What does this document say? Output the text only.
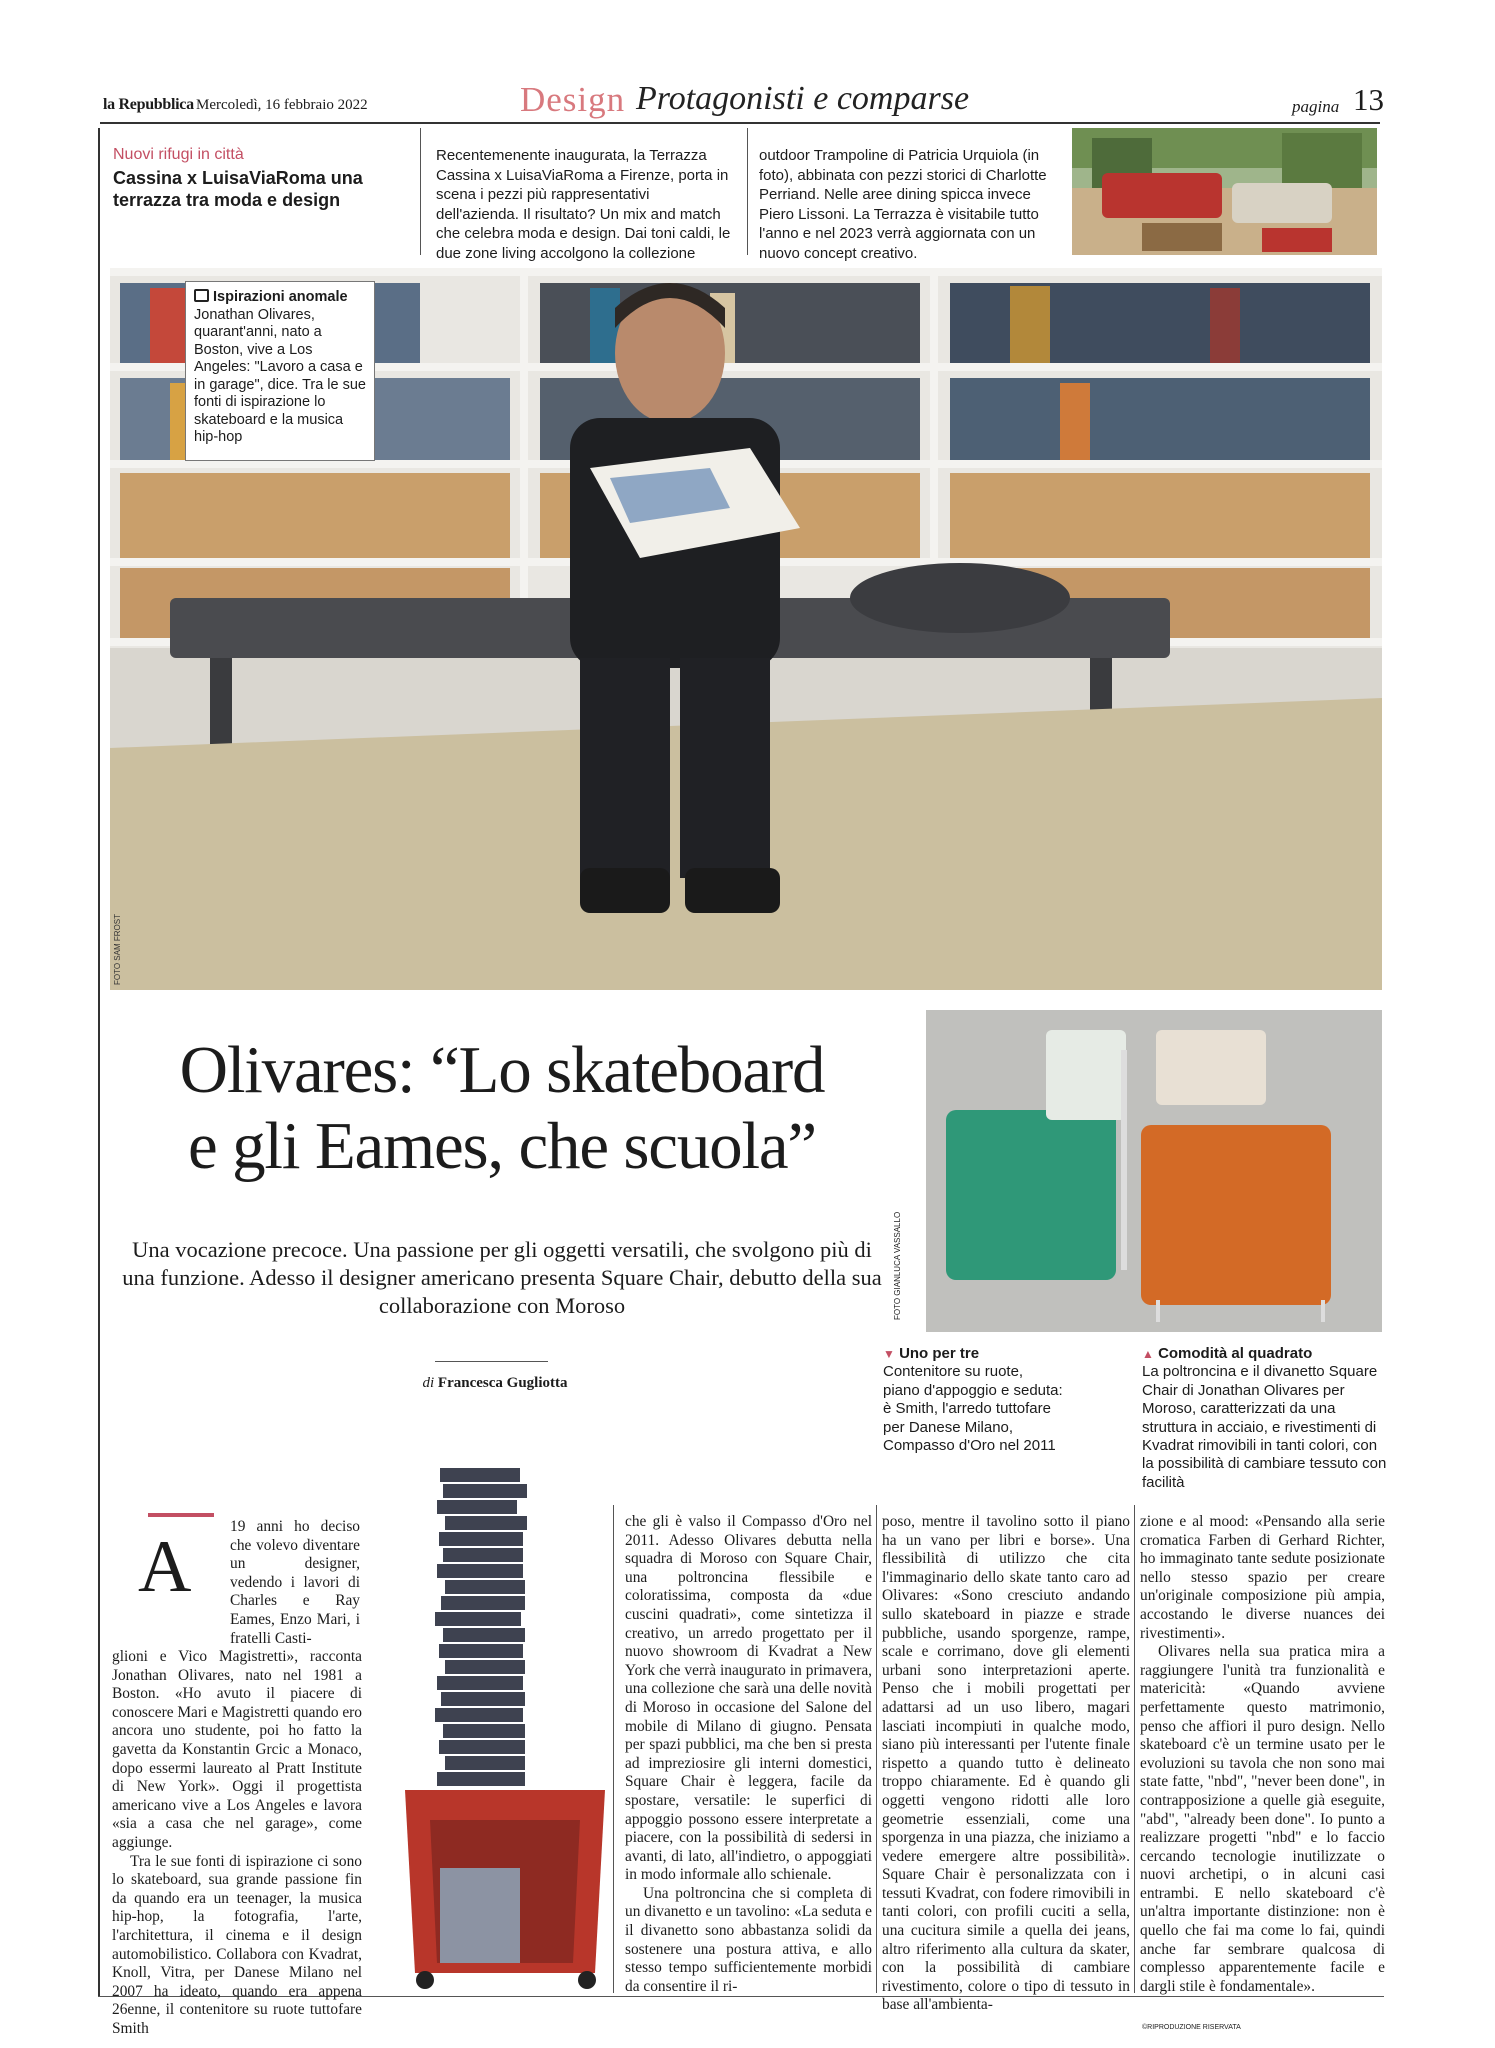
la Repubblica Mercoledì, 16 febbraio 2022	Design Protagonisti e comparse	pagina 13
Nuovi rifugi in città
Cassina x LuisaViaRoma una terrazza tra moda e design
Recentemenente inaugurata, la Terrazza Cassina x LuisaViaRoma a Firenze, porta in scena i pezzi più rappresentativi dell'azienda. Il risultato? Un mix and match che celebra moda e design. Dai toni caldi, le due zone living accolgono la collezione
outdoor Trampoline di Patricia Urquiola (in foto), abbinata con pezzi storici di Charlotte Perriand. Nelle aree dining spicca invece Piero Lissoni. La Terrazza è visitabile tutto l'anno e nel 2023 verrà aggiornata con un nuovo concept creativo.
Ispirazioni anomale
Jonathan Olivares, quarant'anni, nato a Boston, vive a Los Angeles: "Lavoro a casa e in garage", dice. Tra le sue fonti di ispirazione lo skateboard e la musica hip-hop
FOTO SAM FROST
Olivares: “Lo skateboard
e gli Eames, che scuola”
Una vocazione precoce. Una passione per gli oggetti versatili, che svolgono più di una funzione. Adesso il designer americano presenta Square Chair, debutto della sua collaborazione con Moroso
di Francesca Gugliotta
FOTO GIANLUCA VASSALLO
▼ Uno per tre
Contenitore su ruote, piano d'appoggio e seduta: è Smith, l'arredo tuttofare per Danese Milano, Compasso d'Oro nel 2011
▲ Comodità al quadrato
La poltroncina e il divanetto Square Chair di Jonathan Olivares per Moroso, caratterizzati da una struttura in acciaio, e rivestimenti di Kvadrat rimovibili in tanti colori, con la possibilità di cambiare tessuto con facilità
A	19 anni ho deciso che volevo diventare un designer, vedendo i lavori di Charles e Ray Eames, Enzo Mari, i fratelli Casti-
glioni e Vico Magistretti», racconta Jonathan Olivares, nato nel 1981 a Boston. «Ho avuto il piacere di conoscere Mari e Magistretti quando ero ancora uno studente, poi ho fatto la gavetta da Konstantin Grcic a Monaco, dopo essermi laureato al Pratt Institute di New York». Oggi il progettista americano vive a Los Angeles e lavora «sia a casa che nel garage», come aggiunge.
Tra le sue fonti di ispirazione ci sono lo skateboard, sua grande passione fin da quando era un teenager, la musica hip-hop, la fotografia, l'arte, l'architettura, il cinema e il design automobilistico. Collabora con Kvadrat, Knoll, Vitra, per Danese Milano nel 2007 ha ideato, quando era appena 26enne, il contenitore su ruote tuttofare Smith
che gli è valso il Compasso d'Oro nel 2011. Adesso Olivares debutta nella squadra di Moroso con Square Chair, una poltroncina flessibile e coloratissima, composta da «due cuscini quadrati», come sintetizza il creativo, un arredo progettato per il nuovo showroom di Kvadrat a New York che verrà inaugurato in primavera, una collezione che sarà una delle novità di Moroso in occasione del Salone del mobile di Milano di giugno. Pensata per spazi pubblici, ma che ben si presta ad impreziosire gli interni domestici, Square Chair è leggera, facile da spostare, versatile: le superfici di appoggio possono essere interpretate a piacere, con la possibilità di sedersi in avanti, di lato, all'indietro, o appoggiati in modo informale allo schienale.
Una poltroncina che si completa di un divanetto e un tavolino: «La seduta e il divanetto sono abbastanza solidi da sostenere una postura attiva, e allo stesso tempo sufficientemente morbidi da consentire il ri-
poso, mentre il tavolino sotto il piano ha un vano per libri e borse». Una flessibilità di utilizzo che cita l'immaginario dello skate tanto caro ad Olivares: «Sono cresciuto andando sullo skateboard in piazze e strade pubbliche, usando sporgenze, rampe, scale e corrimano, dove gli elementi urbani sono interpretazioni aperte. Penso che i mobili progettati per adattarsi ad un uso libero, magari lasciati incompiuti in qualche modo, siano più interessanti per l'utente finale rispetto a quando tutto è delineato troppo chiaramente. Ed è quando gli oggetti vengono ridotti alle loro geometrie essenziali, come una sporgenza in una piazza, che iniziamo a vedere emergere altre possibilità». Square Chair è personalizzata con i tessuti Kvadrat, con fodere rimovibili in tanti colori, con profili cuciti a sella, una cucitura simile a quella dei jeans, altro riferimento alla cultura da skater, con la possibilità di cambiare rivestimento, colore o tipo di tessuto in base all'ambienta-
zione e al mood: «Pensando alla serie cromatica Farben di Gerhard Richter, ho immaginato tante sedute posizionate nello stesso spazio per creare un'originale composizione più ampia, accostando le diverse nuances dei rivestimenti».
Olivares nella sua pratica mira a raggiungere l'unità tra funzionalità e matericità: «Quando avviene perfettamente questo matrimonio, penso che affiori il puro design. Nello skateboard c'è un termine usato per le evoluzioni su tavola che non sono mai state fatte, "nbd", "never been done", in contrapposizione a quelle già eseguite, "abd", "already been done". Io punto a realizzare progetti "nbd" e lo faccio cercando tecnologie inutilizzate o nuovi archetipi, o in alcuni casi entrambi. E nello skateboard c'è un'altra importante distinzione: non è quello che fai ma come lo fai, quindi anche far sembrare qualcosa di complesso apparentemente facile e dargli stile è fondamentale».
©RIPRODUZIONE RISERVATA
